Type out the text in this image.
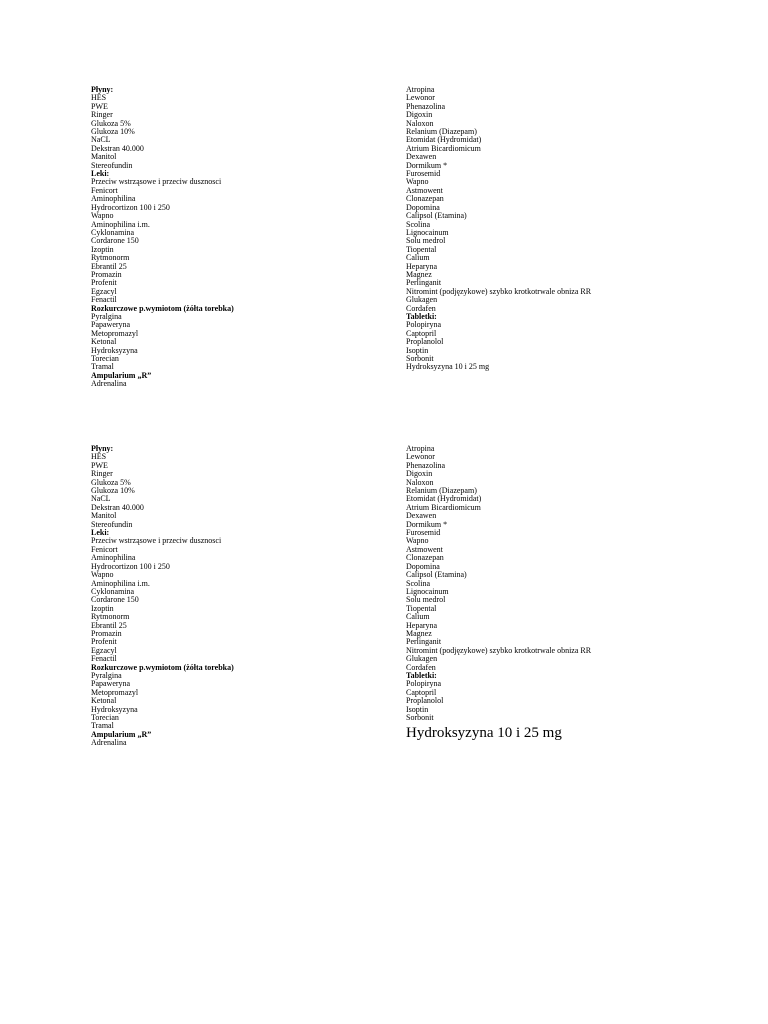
Płyny:
HES
PWE
Ringer
Glukoza 5%
Glukoza 10%
NaCL
Dekstran 40.000
Manitol
Stereofundin
Leki:
Przeciw wstrząsowe i przeciw dusznosci
Fenicort
Aminophilina
Hydrocortizon 100 i 250
Wapno
Aminophilina i.m.
Cyklonamina
Cordarone 150
Izoptin
Rytmonorm
Ebrantil 25
Promazin
Profenit
Egzacyl
Fenactil
Rozkurczowe p.wymiotom (żółta torebka)
Pyralgina
Papaweryna
Metopromazyl
Ketonal
Hydroksyzyna
Torecian
Tramal
Ampularium „R”
Adrenalina
Atropina
Lewonor
Phenazolina
Digoxin
Naloxon
Relanium (Diazepam)
Etomidat (Hydromidat)
Atrium Bicardiomicum
Dexawen
Dormikum *
Furosemid
Wapno
Astmowent
Clonazepan
Dopomina
Calipsol (Etamina)
Scolina
Lignocainum
Solu medrol
Tiopental
Calium
Heparyna
Magnez
Perlinganit
Nitromint (podjęzykowe) szybko krotkotrwale obniza RR
Glukagen
Cordafen
Tabletki:
Polopiryna
Captopril
Proplanolol
Isoptin
Sorbonit
Hydroksyzyna 10 i 25 mg
Płyny:
HES
PWE
Ringer
Glukoza 5%
Glukoza 10%
NaCL
Dekstran 40.000
Manitol
Stereofundin
Leki:
Przeciw wstrząsowe i przeciw dusznosci
Fenicort
Aminophilina
Hydrocortizon 100 i 250
Wapno
Aminophilina i.m.
Cyklonamina
Cordarone 150
Izoptin
Rytmonorm
Ebrantil 25
Promazin
Profenit
Egzacyl
Fenactil
Rozkurczowe p.wymiotom (żółta torebka)
Pyralgina
Papaweryna
Metopromazyl
Ketonal
Hydroksyzyna
Torecian
Tramal
Ampularium „R”
Adrenalina
Atropina
Lewonor
Phenazolina
Digoxin
Naloxon
Relanium (Diazepam)
Etomidat (Hydromidat)
Atrium Bicardiomicum
Dexawen
Dormikum *
Furosemid
Wapno
Astmowent
Clonazepan
Dopomina
Calipsol (Etamina)
Scolina
Lignocainum
Solu medrol
Tiopental
Calium
Heparyna
Magnez
Perlinganit
Nitromint (podjęzykowe) szybko krotkotrwale obniza RR
Glukagen
Cordafen
Tabletki:
Polopiryna
Captopril
Proplanolol
Isoptin
Sorbonit
Hydroksyzyna 10 i 25 mg
